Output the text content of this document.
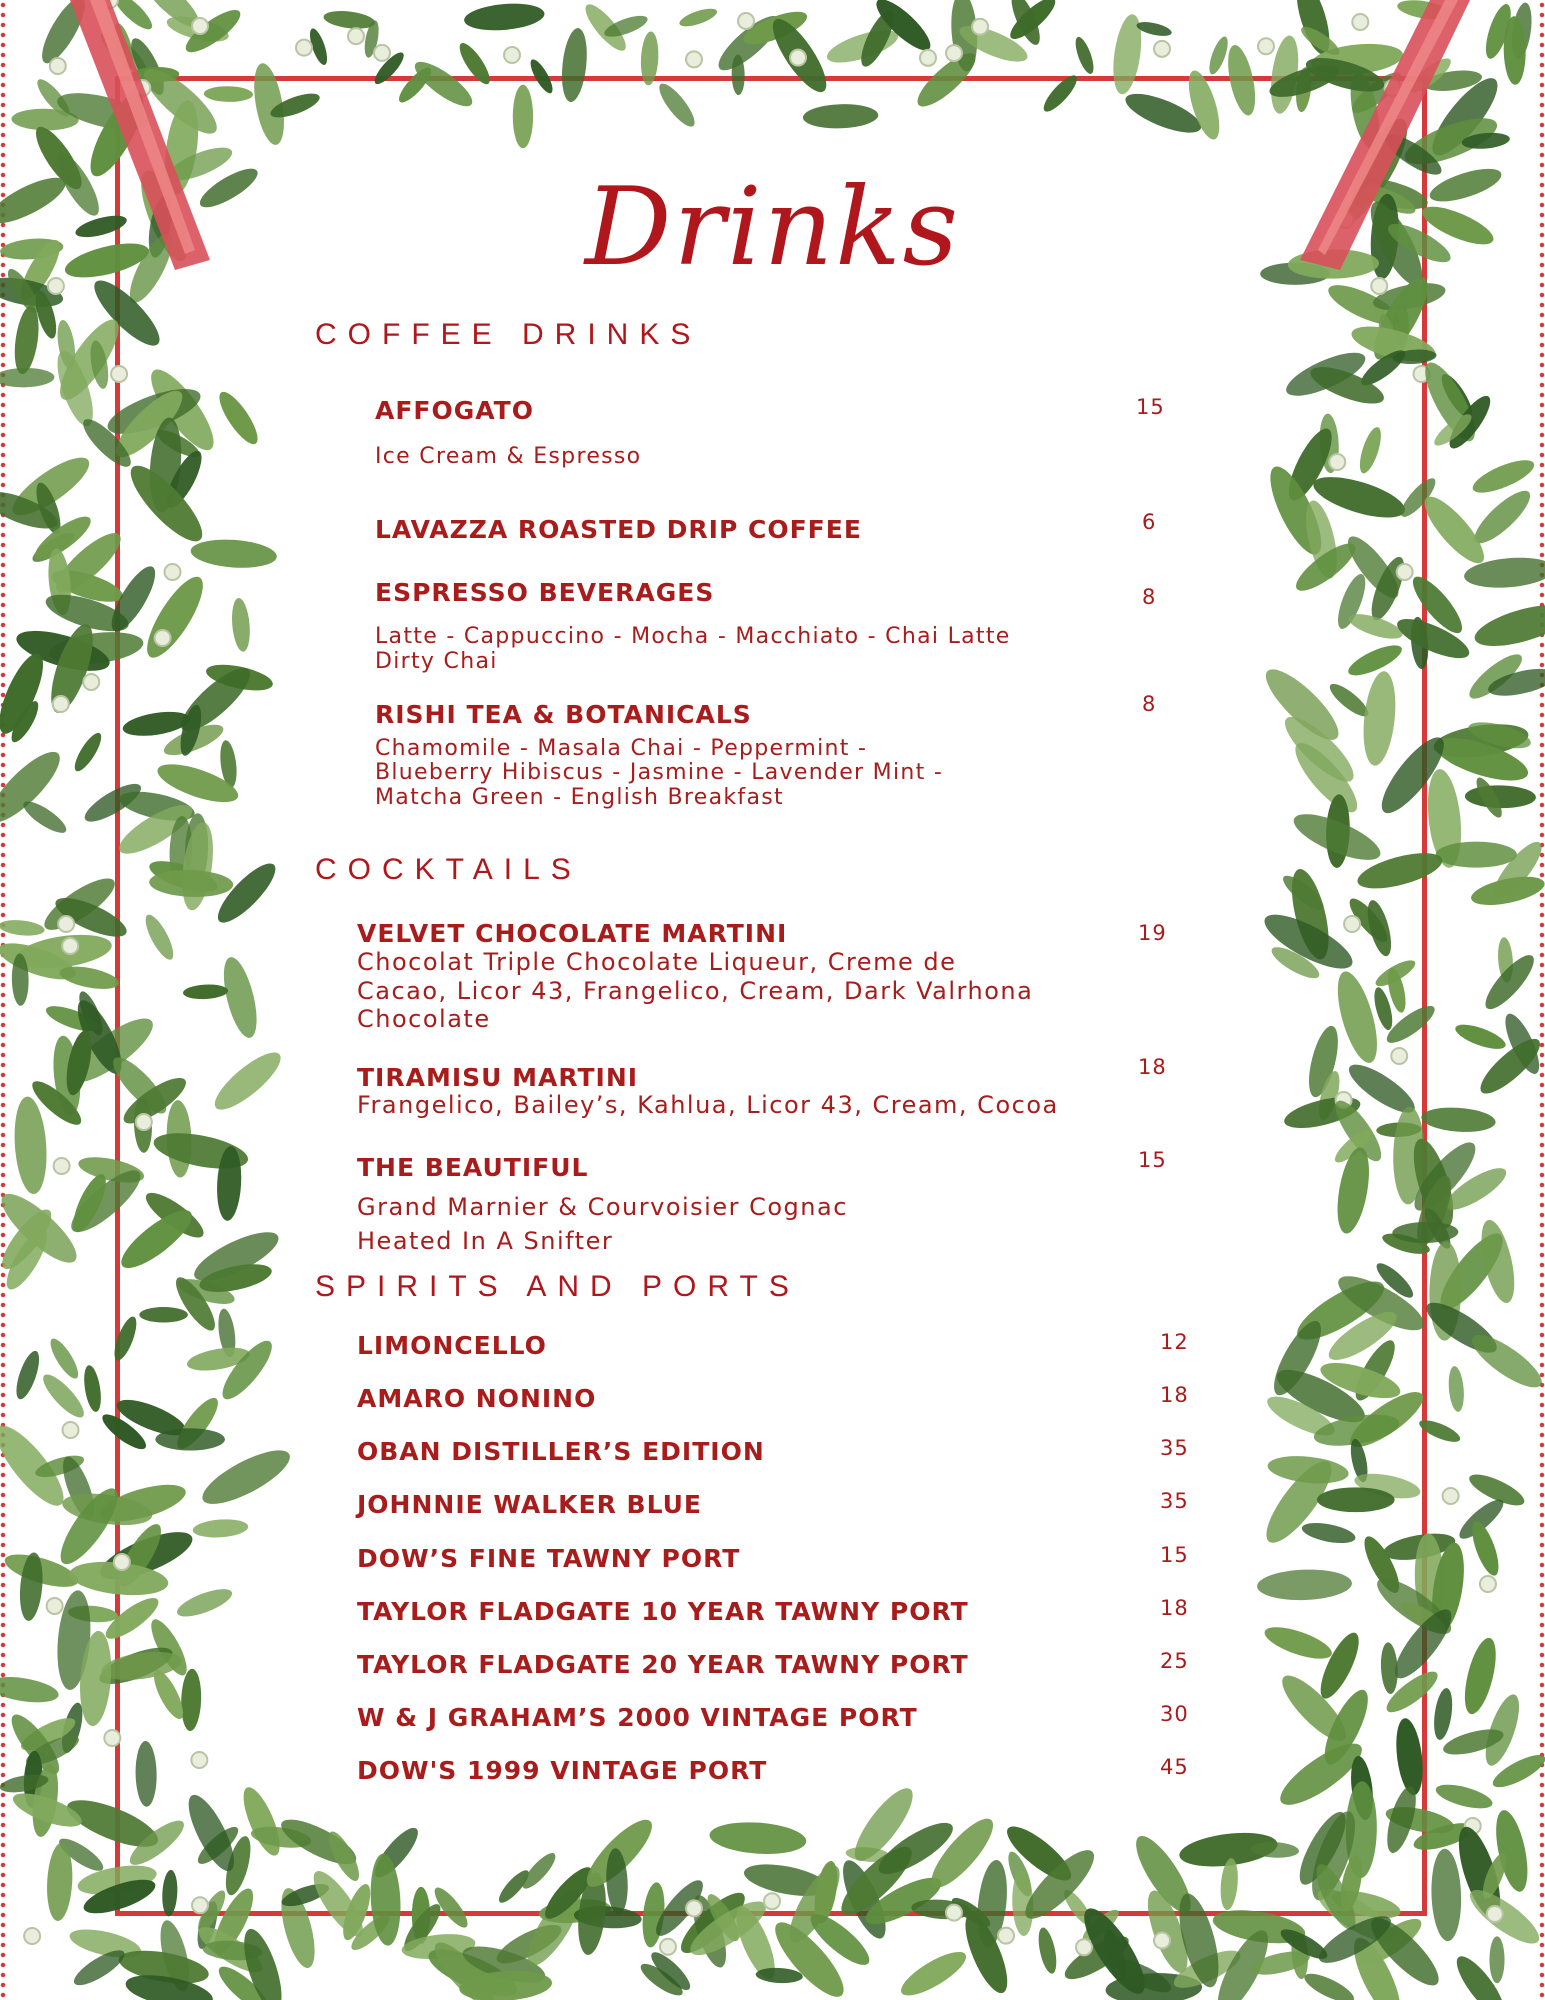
Drinks
COFFEE DRINKS
AFFOGATO	15
Ice Cream & Espresso
LAVAZZA ROASTED DRIP COFFEE	6
ESPRESSO BEVERAGES	8
Latte - Cappuccino - Mocha - Macchiato - Chai Latte
Dirty Chai
RISHI TEA & BOTANICALS	8
Chamomile - Masala Chai - Peppermint -
Blueberry Hibiscus - Jasmine - Lavender Mint -
Matcha Green - English Breakfast
COCKTAILS
VELVET CHOCOLATE MARTINI	19
Chocolat Triple Chocolate Liqueur, Creme de
Cacao, Licor 43, Frangelico, Cream, Dark Valrhona
Chocolate
TIRAMISU MARTINI	18
Frangelico, Bailey’s, Kahlua, Licor 43, Cream, Cocoa
THE BEAUTIFUL	15
Grand Marnier & Courvoisier Cognac
Heated In A Snifter
SPIRITS AND PORTS
LIMONCELLO	12
AMARO NONINO	18
OBAN DISTILLER’S EDITION	35
JOHNNIE WALKER BLUE	35
DOW’S FINE TAWNY PORT	15
TAYLOR FLADGATE 10 YEAR TAWNY PORT	18
TAYLOR FLADGATE 20 YEAR TAWNY PORT	25
W & J GRAHAM’S 2000 VINTAGE PORT	30
DOW'S 1999 VINTAGE PORT	45
